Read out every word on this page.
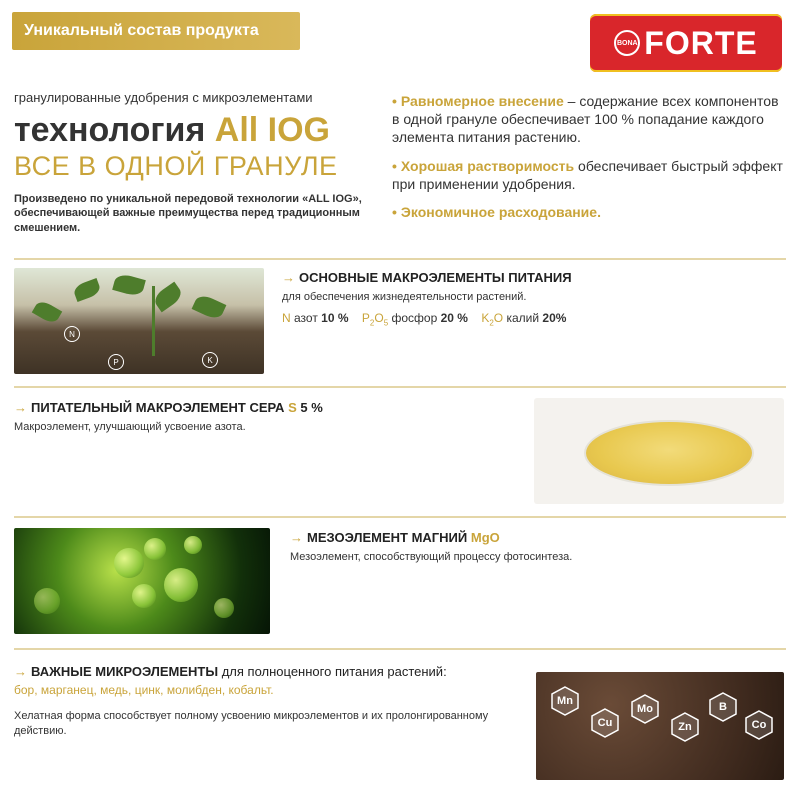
Уникальный состав продукта
BONA FORTE
гранулированные удобрения с микроэлементами
технология All IOG
ВСЕ В ОДНОЙ ГРАНУЛЕ
Произведено по уникальной передовой технологии «ALL IOG», обеспечивающей важные преимущества перед традиционным смешением.
• Равномерное внесение – содержание всех компонентов в одной грануле обеспечивает 100 % попадание каждого элемента питания растению.
• Хорошая растворимость обеспечивает быстрый эффект при применении удобрения.
• Экономичное расходование.
N
P	K
→ ОСНОВНЫЕ МАКРОЭЛЕМЕНТЫ ПИТАНИЯ
для обеспечения жизнедеятельности растений.
N азот 10 % $P_2O_5$ фосфор 20 % $K_2O$ калий 20%
→ ПИТАТЕЛЬНЫЙ МАКРОЭЛЕМЕНТ СЕРА S 5 %
Макроэлемент, улучшающий усвоение азота.
→ МЕЗОЭЛЕМЕНТ МАГНИЙ MgO
Мезоэлемент, способствующий процессу фотосинтеза.
→ ВАЖНЫЕ МИКРОЭЛЕМЕНТЫ для полноценного питания растений:
бор, марганец, медь, цинк, молибден, кобальт.
Хелатная форма способствует полному усвоению микроэлементов и их пролонгированному действию.
Mn
Cu
Mo
Zn
B
Co
